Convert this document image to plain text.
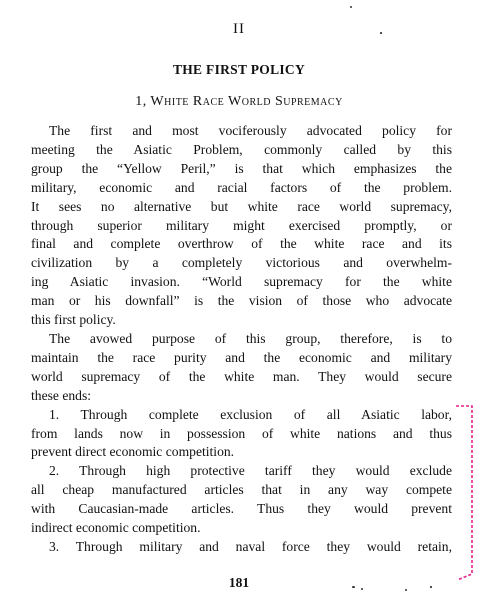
II
THE FIRST POLICY
1, White Race World Supremacy
The first and most vociferously advocated policy for
meeting the Asiatic Problem, commonly called by this
group the “Yellow Peril,” is that which emphasizes the
military, economic and racial factors of the problem.
It sees no alternative but white race world supremacy,
through superior military might exercised promptly, or
final and complete overthrow of the white race and its
civilization by a completely victorious and overwhelm-
ing Asiatic invasion. “World supremacy for the white
man or his downfall” is the vision of those who advocate
this first policy.
The avowed purpose of this group, therefore, is to
maintain the race purity and the economic and military
world supremacy of the white man. They would secure
these ends:
1. Through complete exclusion of all Asiatic labor,
from lands now in possession of white nations and thus
prevent direct economic competition.
2. Through high protective tariff they would exclude
all cheap manufactured articles that in any way compete
with Caucasian-made articles. Thus they would prevent
indirect economic competition.
3. Through military and naval force they would retain,
181
